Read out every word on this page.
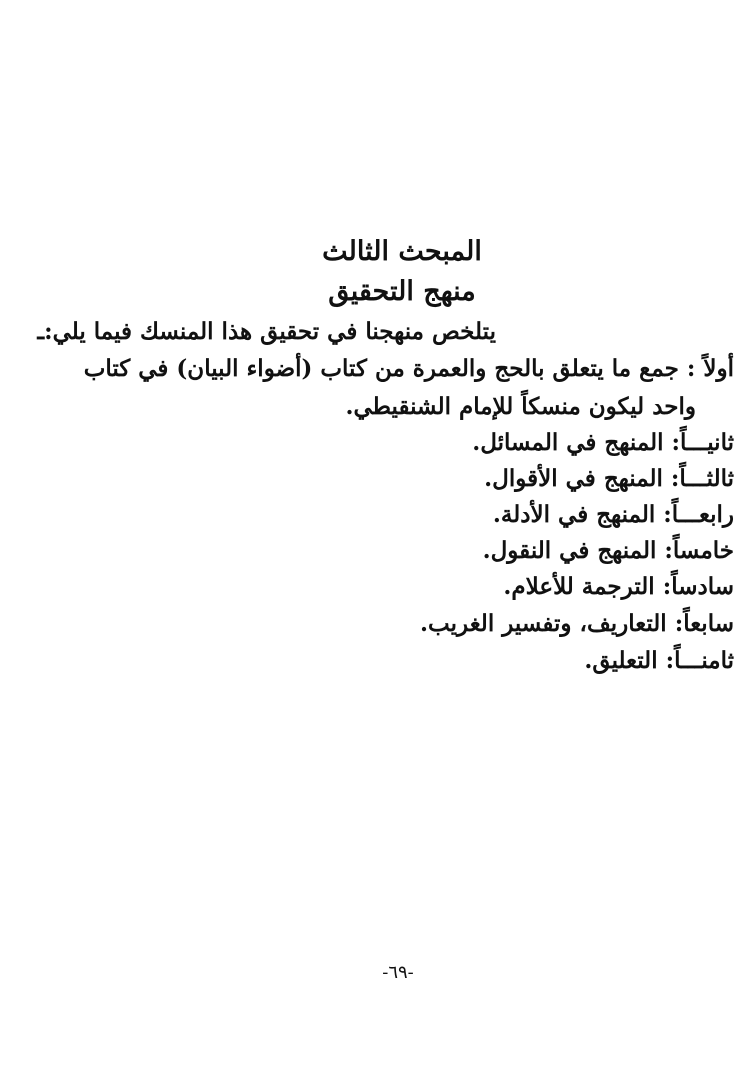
المبحث الثالث
منهج التحقيق
يتلخص منهجنا في تحقيق هذا المنسك فيما يلي:ـ
أولاً : جمع ما يتعلق بالحج والعمرة من كتاب (أضواء البيان) في كتاب
واحد ليكون منسكاً للإمام الشنقيطي.
ثانيـــاً: المنهج في المسائل.
ثالثـــاً: المنهج في الأقوال.
رابعـــاً: المنهج في الأدلة.
خامساً: المنهج في النقول.
سادساً: الترجمة للأعلام.
سابعاً: التعاريف، وتفسير الغريب.
ثامنـــاً: التعليق.
-٦٩-
